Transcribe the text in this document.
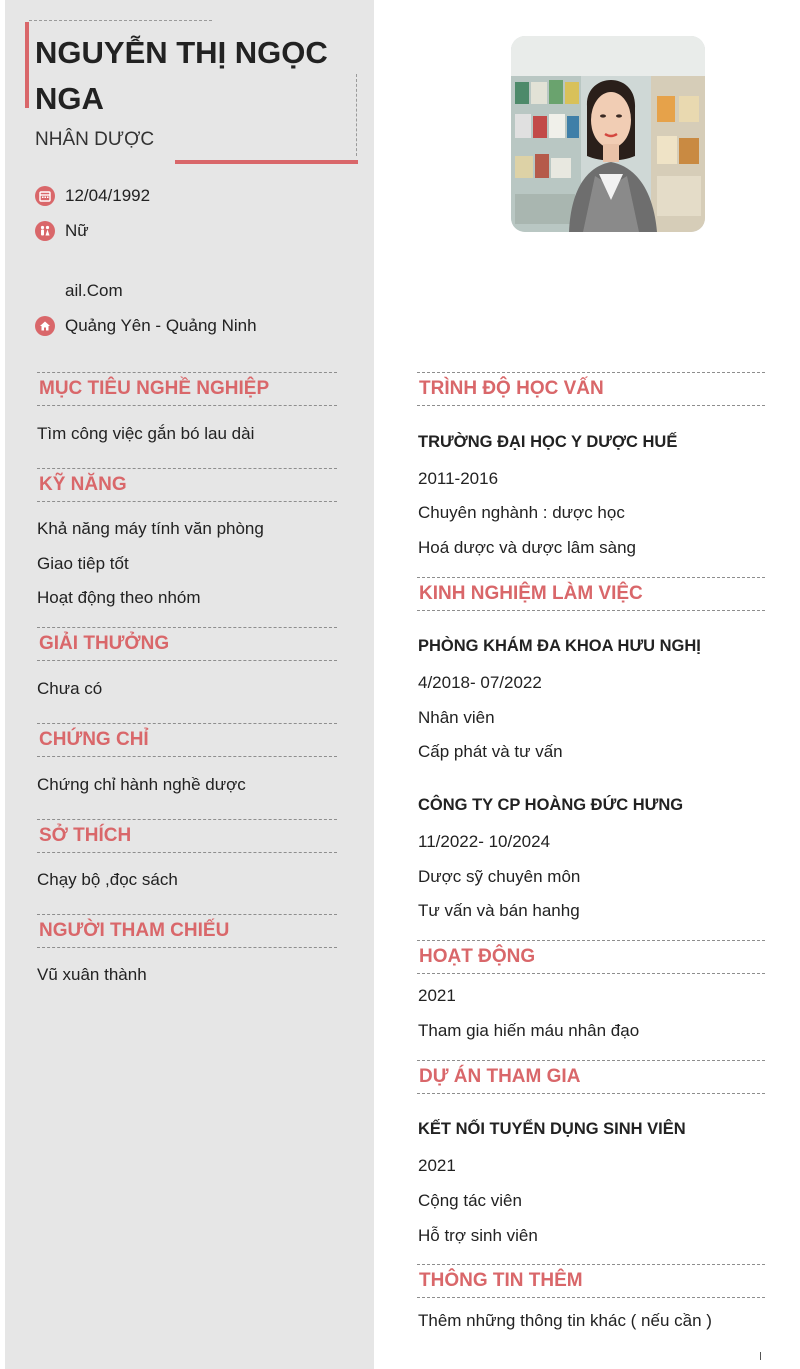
NGUYỄN THỊ NGỌC NGA
NHÂN DƯỢC
12/04/1992
Nữ
ail.Com
Quảng Yên - Quảng Ninh
MỤC TIÊU NGHỀ NGHIỆP
Tìm công việc gắn bó lau dài
KỸ NĂNG
Khả năng máy tính văn phòng
Giao tiêp tốt
Hoạt động theo nhóm
GIẢI THƯỞNG
Chưa có
CHỨNG CHỈ
Chứng chỉ hành nghề dược
SỞ THÍCH
Chạy bộ ,đọc sách
NGƯỜI THAM CHIẾU
Vũ xuân thành
TRÌNH ĐỘ HỌC VẤN
TRƯỜNG ĐẠI HỌC Y DƯỢC HUẾ
2011-2016
Chuyên nghành : dược học
Hoá dược và dược lâm sàng
KINH NGHIỆM LÀM VIỆC
PHÒNG KHÁM ĐA KHOA HƯU NGHỊ
4/2018- 07/2022
Nhân viên
Cấp phát và tư vấn
CÔNG TY CP HOÀNG ĐỨC HƯNG
11/2022- 10/2024
Dược sỹ chuyên môn
Tư vấn và bán hanhg
HOẠT ĐỘNG
2021
Tham gia hiến máu nhân đạo
DỰ ÁN THAM GIA
KẾT NỐI TUYỂN DỤNG SINH VIÊN
2021
Cộng tác viên
Hỗ trợ sinh viên
THÔNG TIN THÊM
Thêm những thông tin khác ( nếu cần )
